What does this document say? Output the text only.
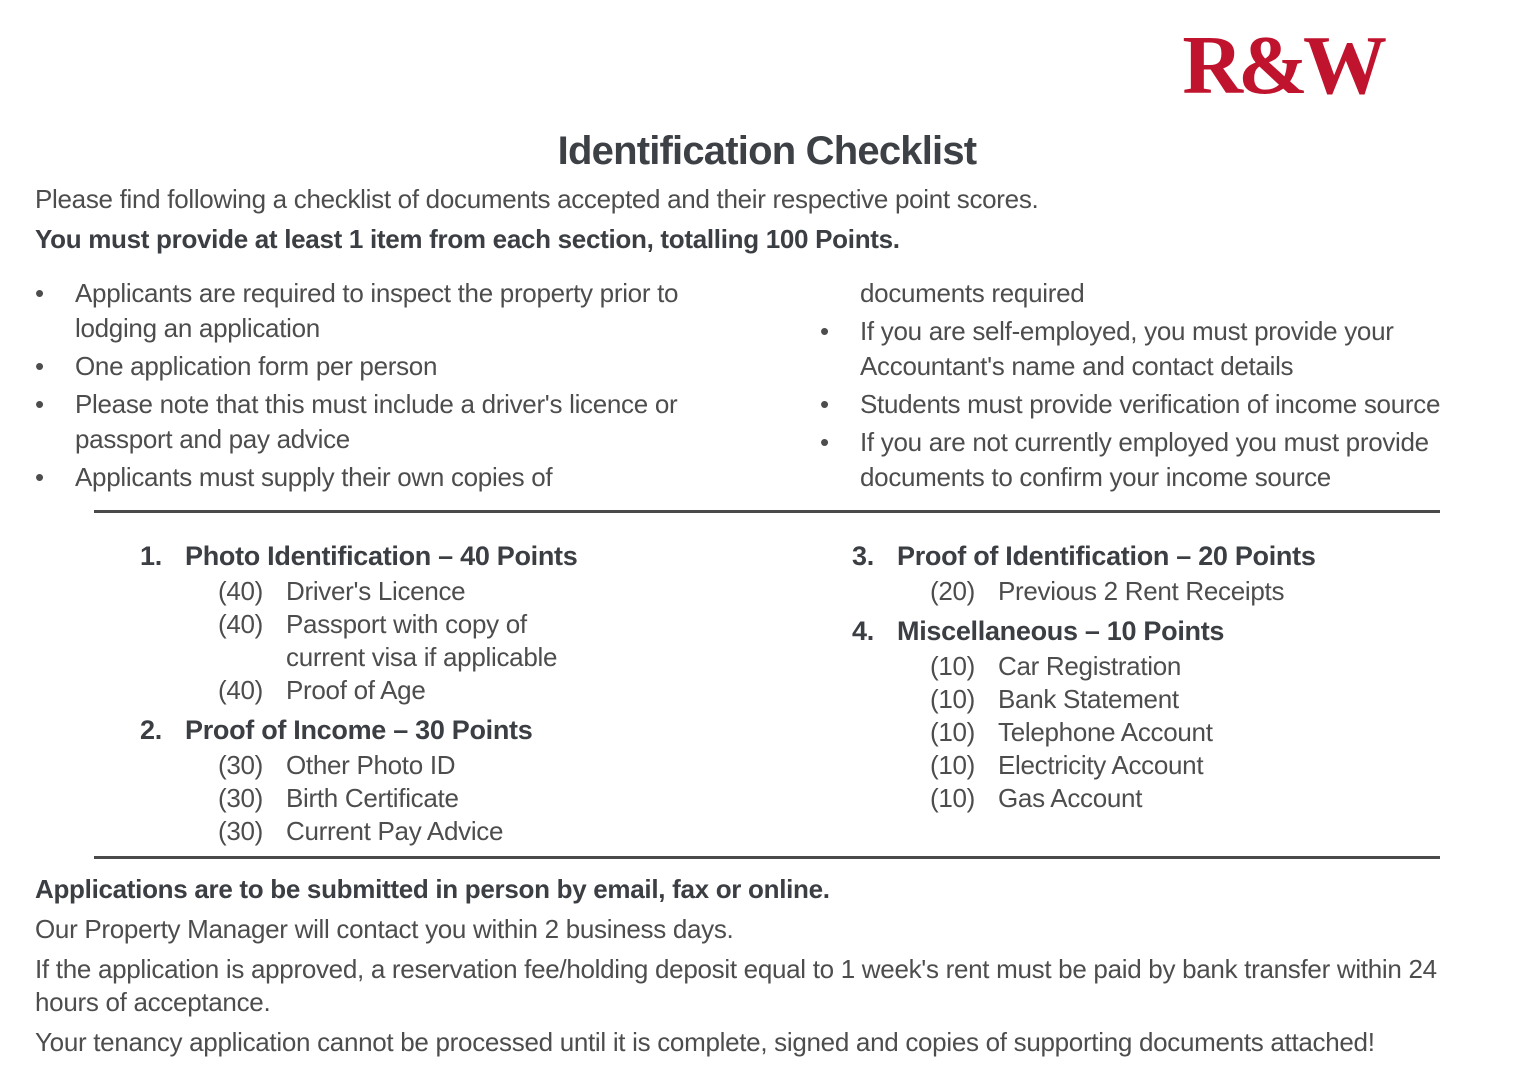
R&W
Identification Checklist

Please find following a checklist of documents accepted and their respective point scores.

You must provide at least 1 item from each section, totalling 100 Points.

•
Applicants are required to inspect the property prior to lodging an application
•
One application form per person
•
Please note that this must include a driver's licence or passport and pay advice
•
Applicants must supply their own copies of
documents required
•
If you are self-employed, you must provide your Accountant's name and contact details
•
Students must provide verification of income source
•
If you are not currently employed you must provide documents to confirm your income source
1. Photo Identification – 40 Points
(40) Driver's Licence
(40) Passport with copy of current visa if applicable
(40) Proof of Age
2. Proof of Income – 30 Points
(30) Other Photo ID
(30) Birth Certificate
(30) Current Pay Advice
3. Proof of Identification – 20 Points
(20) Previous 2 Rent Receipts
4. Miscellaneous – 10 Points
(10) Car Registration
(10) Bank Statement
(10) Telephone Account
(10) Electricity Account
(10) Gas Account

Applications are to be submitted in person by email, fax or online.

Our Property Manager will contact you within 2 business days.

If the application is approved, a reservation fee/holding deposit equal to 1 week's rent must be paid by bank transfer within 24 hours of acceptance.

Your tenancy application cannot be processed until it is complete, signed and copies of supporting documents attached!
